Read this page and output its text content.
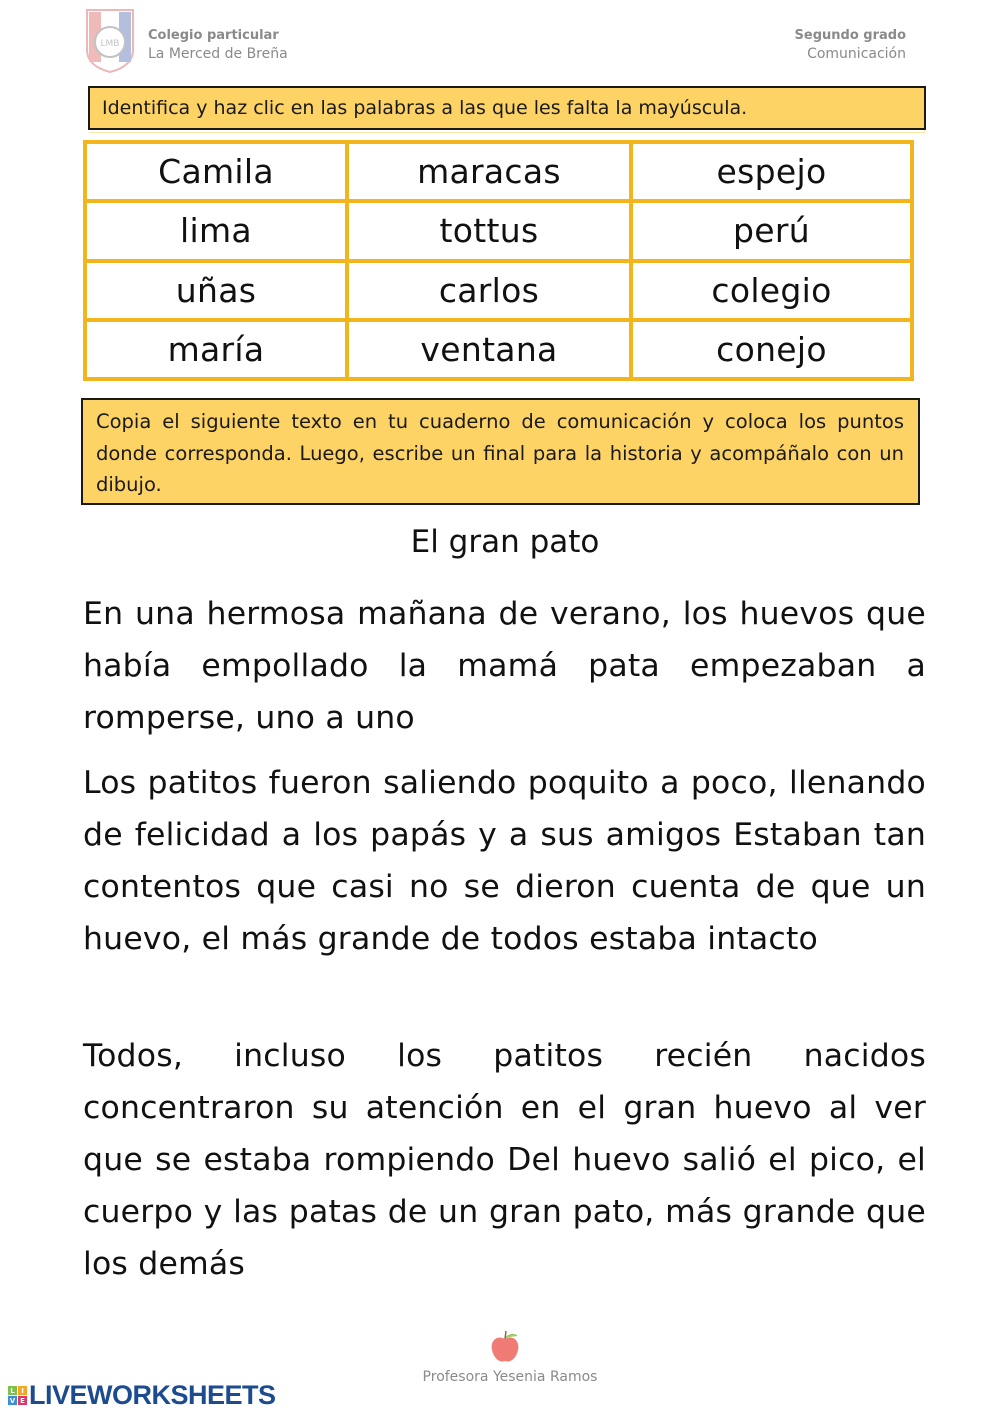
LMB
Colegio particular
La Merced de Breña
Segundo grado
Comunicación
Identifica y haz clic en las palabras a las que les falta la mayúscula.
Camila	maracas	espejo
lima	tottus	perú
uñas	carlos	colegio
maría	ventana	conejo
Copia el siguiente texto en tu cuaderno de comunicación y coloca los puntos donde corresponda. Luego, escribe un final para la historia y acompáñalo con un dibujo.
El gran pato

En una hermosa mañana de verano, los huevos que había empollado la mamá pata empezaban a romperse, uno a uno

Los patitos fueron saliendo poquito a poco, llenando de felicidad a los papás y a sus amigos Estaban tan contentos que casi no se dieron cuenta de que un huevo, el más grande de todos estaba intacto

Todos, incluso los patitos recién nacidos concentraron su atención en el gran huevo al ver que se estaba rompiendo Del huevo salió el pico, el cuerpo y las patas de un gran pato, más grande que los demás

Profesora Yesenia Ramos
L I
V E LIVEWORKSHEETS
